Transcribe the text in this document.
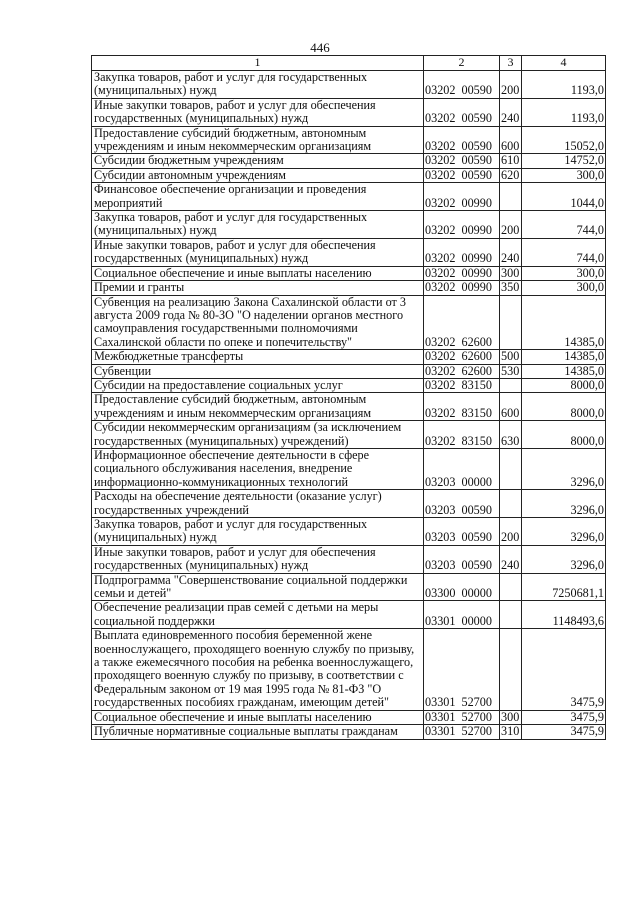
446
1	2	3	4
Закупка товаров, работ и услуг для государственных (муниципальных) нужд	03202 00590	200	1193,0
Иные закупки товаров, работ и услуг для обеспечения государственных (муниципальных) нужд	03202 00590	240	1193,0
Предоставление субсидий бюджетным, автономным учреждениям и иным некоммерческим организациям	03202 00590	600	15052,0
Субсидии бюджетным учреждениям	03202 00590	610	14752,0
Субсидии автономным учреждениям	03202 00590	620	300,0
Финансовое обеспечение организации и проведения мероприятий	03202 00990		1044,0
Закупка товаров, работ и услуг для государственных (муниципальных) нужд	03202 00990	200	744,0
Иные закупки товаров, работ и услуг для обеспечения государственных (муниципальных) нужд	03202 00990	240	744,0
Социальное обеспечение и иные выплаты населению	03202 00990	300	300,0
Премии и гранты	03202 00990	350	300,0
Субвенция на реализацию Закона Сахалинской области от 3 августа 2009 года № 80-ЗО "О наделении органов местного самоуправления государственными полномочиями Сахалинской области по опеке и попечительству"	03202 62600		14385,0
Межбюджетные трансферты	03202 62600	500	14385,0
Субвенции	03202 62600	530	14385,0
Субсидии на предоставление социальных услуг	03202 83150		8000,0
Предоставление субсидий бюджетным, автономным учреждениям и иным некоммерческим организациям	03202 83150	600	8000,0
Субсидии некоммерческим организациям (за исключением государственных (муниципальных) учреждений)	03202 83150	630	8000,0
Информационное обеспечение деятельности в сфере социального обслуживания населения, внедрение информационно-коммуникационных технологий	03203 00000		3296,0
Расходы на обеспечение деятельности (оказание услуг) государственных учреждений	03203 00590		3296,0
Закупка товаров, работ и услуг для государственных (муниципальных) нужд	03203 00590	200	3296,0
Иные закупки товаров, работ и услуг для обеспечения государственных (муниципальных) нужд	03203 00590	240	3296,0
Подпрограмма "Совершенствование социальной поддержки семьи и детей"	03300 00000		7250681,1
Обеспечение реализации прав семей с детьми на меры социальной поддержки	03301 00000		1148493,6
Выплата единовременного пособия беременной жене военнослужащего, проходящего военную службу по призыву, а также ежемесячного пособия на ребенка военнослужащего, проходящего военную службу по призыву, в соответствии с Федеральным законом от 19 мая 1995 года № 81-ФЗ "О государственных пособиях гражданам, имеющим детей"	03301 52700		3475,9
Социальное обеспечение и иные выплаты населению	03301 52700	300	3475,9
Публичные нормативные социальные выплаты гражданам	03301 52700	310	3475,9
